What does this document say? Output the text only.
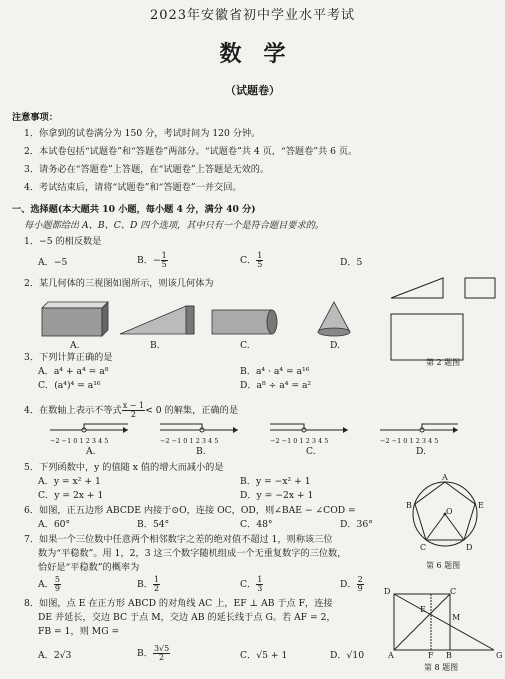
2023年安徽省初中学业水平考试
数　学
（试题卷）
注意事项：
1．你拿到的试卷满分为 150 分，考试时间为 120 分钟。
2．本试卷包括“试题卷”和“答题卷”两部分。“试题卷”共 4 页，“答题卷”共 6 页。
3．请务必在“答题卷”上答题，在“试题卷”上答题是无效的。
4．考试结束后，请将“试题卷”和“答题卷”一并交回。
一、选择题(本大题共 10 小题，每小题 4 分，满分 40 分)
每小题都给出 A、B、C、D 四个选项，其中只有一个是符合题目要求的。
1．−5 的相反数是
A．−5	B．− $\frac{1}{5}$	C． $\frac{1}{5}$	D．5
2．某几何体的三视图如图所示，则该几何体为
第 2 题图
A.	B.	C.	D.
3．下列计算正确的是
A．a⁴ + a⁴ = a⁸	B．a⁴ · a⁴ = a¹⁶
C．(a⁴)⁴ = a¹⁶	D．a⁸ ÷ a⁴ = a²
4．在数轴上表示不等式 $\frac{x - 1}{2} < 0$ 的解集，正确的是
−2 −1 0 1 2 3 4 5	−2 −1 0 1 2 3 4 5	−2 −1 0 1 2 3 4 5	−2 −1 0 1 2 3 4 5
A.	B.	C.	D.
5．下列函数中，y 的值随 x 值的增大而减小的是
A．y = x² + 1	B．y = −x² + 1
C．y = 2x + 1	D．y = −2x + 1
6．如图，正五边形 ABCDE 内接于⊙O，连接 OC，OD，则∠BAE − ∠COD =
A．60°	B．54°	C．48°	D．36°
A
B	E
C	D
O
第 6 题图
7．如果一个三位数中任意两个相邻数字之差的绝对值不超过 1，则称该三位
数为“平稳数”。用 1，2，3 这三个数字随机组成一个无重复数字的三位数，
恰好是“平稳数”的概率为
A． $\frac{5}{9}$	B． $\frac{1}{2}$	C． $\frac{1}{3}$	D． $\frac{2}{9}$
8．如图，点 E 在正方形 ABCD 的对角线 AC 上，EF ⊥ AB 于点 F，连接
DE 并延长，交边 BC 于点 M，交边 AB 的延长线于点 G。若 AF = 2，
FB = 1，则 MG =
A．2√3	B． $\frac{3√5}{2}$	C．√5 + 1	D．√10
D	C
E
M
A	F B	G
第 8 题图
